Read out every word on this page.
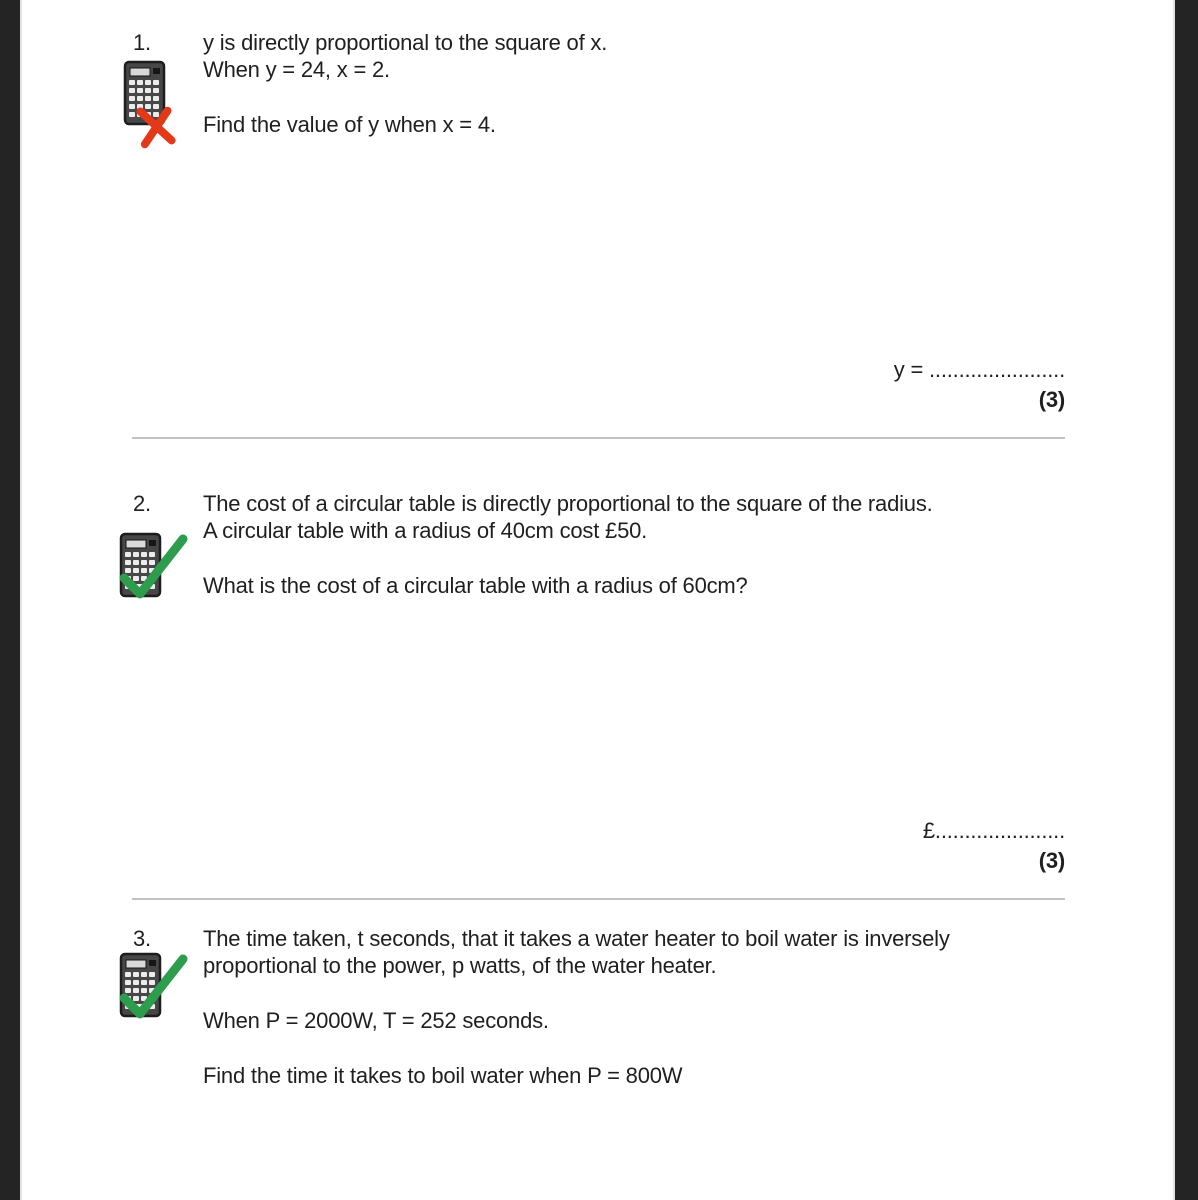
1. y is directly proportional to the square of x.
When y = 24, x = 2.
Find the value of y when x = 4.
y = .......................
(3)
2. The cost of a circular table is directly proportional to the square of the radius.
A circular table with a radius of 40cm cost £50.
What is the cost of a circular table with a radius of 60cm?
£......................
(3)
3. The time taken, t seconds, that it takes a water heater to boil water is inversely
proportional to the power, p watts, of the water heater.
When P = 2000W, T = 252 seconds.
Find the time it takes to boil water when P = 800W
